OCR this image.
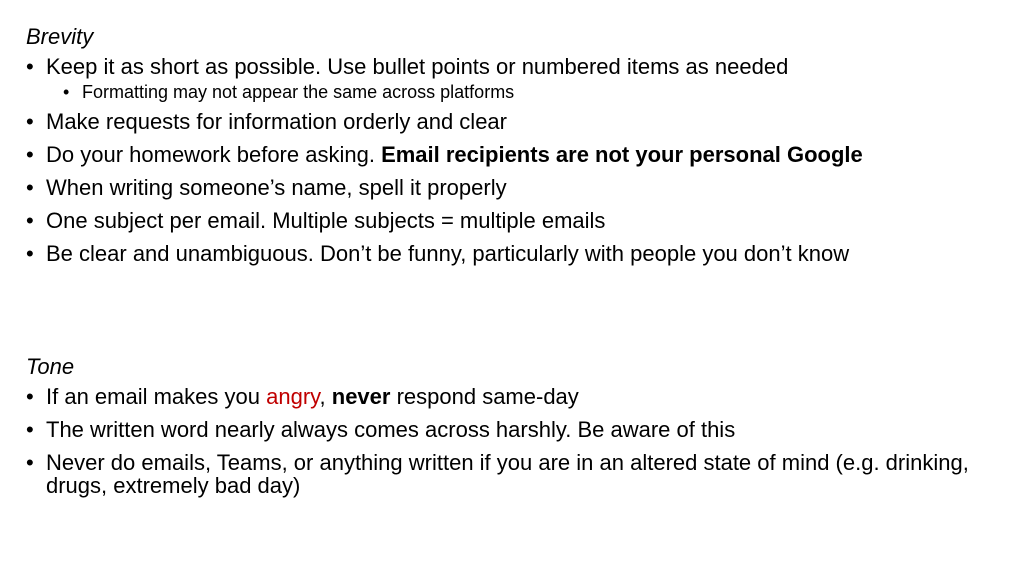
Brevity
• Keep it as short as possible. Use bullet points or numbered items as needed
• Formatting may not appear the same across platforms
• Make requests for information orderly and clear
• Do your homework before asking. Email recipients are not your personal Google
• When writing someone’s name, spell it properly
• One subject per email. Multiple subjects = multiple emails
• Be clear and unambiguous. Don’t be funny, particularly with people you don’t know
Tone
• If an email makes you angry, never respond same-day
• The written word nearly always comes across harshly. Be aware of this
• Never do emails, Teams, or anything written if you are in an altered state of mind (e.g. drinking, drugs, extremely bad day)
